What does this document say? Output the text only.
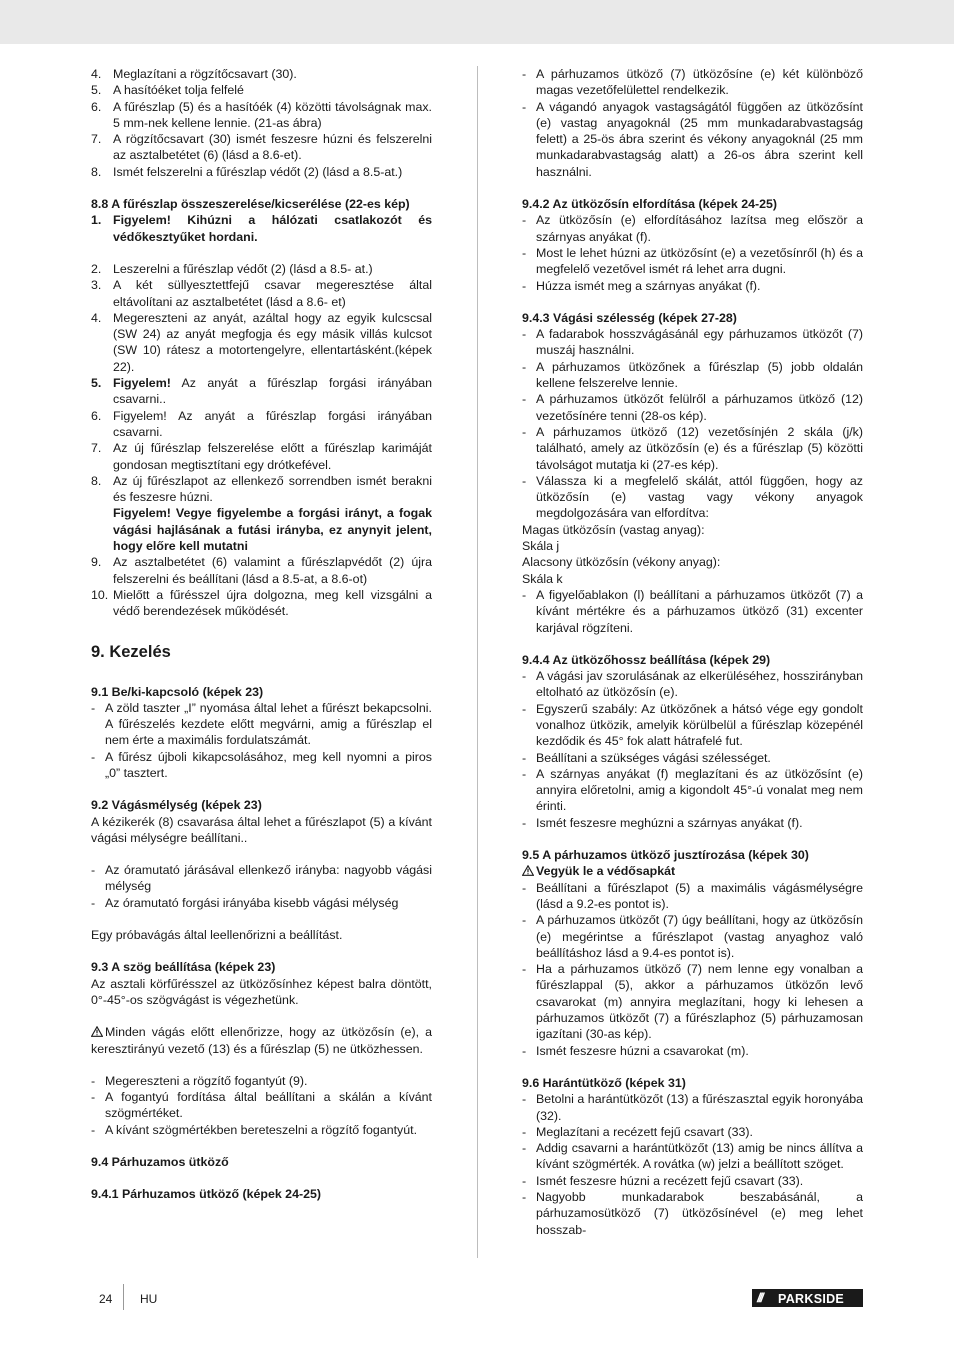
4. Meglazítani a rögzítőcsavart (30).
5. A hasítóéket tolja felfelé
6. A fűrészlap (5) és a hasítóék (4) közötti távolságnak max. 5 mm-nek kellene lennie. (21-as ábra)
7. A rögzítőcsavart (30) ismét feszesre húzni és felszerelni az asztalbetétet (6) (lásd a 8.6-et).
8. Ismét felszerelni a fűrészlap védőt (2) (lásd a 8.5-at.)
8.8 A fűrészlap összeszerelése/kicserélése (22-es kép)
1. Figyelem! Kihúzni a hálózati csatlakozót és védőkesztyűket hordani.
2. Leszerelni a fűrészlap védőt (2) (lásd a 8.5- at.)
3. A két süllyesztettfejű csavar megeresztése által eltávolítani az asztalbetétet (lásd a 8.6- et)
4. Megereszteni az anyát, azáltal hogy az egyik kulcscsal (SW 24) az anyát megfogja és egy másik villás kulcsot (SW 10) rátesz a motortengelyre, ellentartásként.(képek 22).
5. Figyelem! Az anyát a fűrészlap forgási irányában csavarni..
6. Figyelem! Az anyát a fűrészlap forgási irányában csavarni.
7. Az új fűrészlap felszerelése előtt a fűrészlap karimáját gondosan megtisztítani egy drótkefével.
8. Az új fűrészlapot az ellenkező sorrendben ismét berakni és feszesre húzni.
Figyelem! Vegye figyelembe a forgási irányt, a fogak vágási hajlásának a futási irányba, ez anynyit jelent, hogy előre kell mutatni
9. Az asztalbetétet (6) valamint a fűrészlapvédőt (2) újra felszerelni és beállítani (lásd a 8.5-at, a 8.6-ot)
10. Mielőtt a fűrésszel újra dolgozna, meg kell vizsgálni a védő berendezések működését.
9. Kezelés
9.1 Be/ki-kapcsoló (képek 23)
- A zöld taszter „I” nyomása által lehet a fűrészt bekapcsolni. A fűrészelés kezdete előtt megvárni, amig a fűrészlap el nem érte a maximális fordulatszámát.
- A fűrész újboli kikapcsolásához, meg kell nyomni a piros „0” tasztert.
9.2 Vágásmélység (képek 23)
A kézikerék (8) csavarása által lehet a fűrészlapot (5) a kívánt vágási mélységre beállítani..
- Az óramutató járásával ellenkező irányba: nagyobb vágási mélység
- Az óramutató forgási irányába kisebb vágási mélység
Egy próbavágás által leellenőrizni a beállítást.
9.3 A szög beállítása (képek 23)
Az asztali körfűrésszel az ütközősínhez képest balra döntött, 0°-45°-os szögvágást is végezhetünk.
Minden vágás előtt ellenőrizze, hogy az ütközősín (e), a keresztirányú vezető (13) és a fűrészlap (5) ne ütközhessen.
- Megereszteni a rögzítő fogantyút (9).
- A fogantyú fordítása által beállítani a skálán a kívánt szögmértéket.
- A kívánt szögmértékben bereteszelni a rögzítő fogantyút.
9.4 Párhuzamos ütköző
9.4.1 Párhuzamos ütköző (képek 24-25)
- A párhuzamos ütköző (7) ütközősíne (e) két különböző magas vezetőfelülettel rendelkezik.
- A vágandó anyagok vastagságától függően az ütközősínt (e) vastag anyagoknál (25 mm munkadarabvastagság felett) a 25-ös ábra szerint és vékony anyagoknál (25 mm munkadarabvastagság alatt) a 26-os ábra szerint kell használni.
9.4.2 Az ütközősín elfordítása (képek 24-25)
- Az ütközősín (e) elfordításához lazítsa meg először a szárnyas anyákat (f).
- Most le lehet húzni az ütközősínt (e) a vezetősínről (h) és a megfelelő vezetővel ismét rá lehet arra dugni.
- Húzza ismét meg a szárnyas anyákat (f).
9.4.3 Vágási szélesség (képek 27-28)
- A fadarabok hosszvágásánál egy párhuzamos ütközőt (7) muszáj használni.
- A párhuzamos ütközőnek a fűrészlap (5) jobb oldalán kellene felszerelve lennie.
- A párhuzamos ütközőt felülről a párhuzamos ütköző (12) vezetősínére tenni (28-os kép).
- A párhuzamos ütköző (12) vezetősínjén 2 skála (j/k) található, amely az ütközősín (e) és a fűrészlap (5) közötti távolságot mutatja ki (27-es kép).
- Válassza ki a megfelelő skálát, attól függően, hogy az ütközősín (e) vastag vagy vékony anyagok megdolgozására van elfordítva:
Magas ütközősín (vastag anyag):
Skála j
Alacsony ütközősín (vékony anyag):
Skála k
- A figyelőablakon (l) beállítani a párhuzamos ütközőt (7) a kívánt mértékre és a párhuzamos ütköző (31) excenter karjával rögzíteni.
9.4.4 Az ütközőhossz beállítása (képek 29)
- A vágási jav szorulásának az elkerüléséhez, hosszirányban eltolható az ütközősín (e).
- Egyszerű szabály: Az ütközőnek a hátsó vége egy gondolt vonalhoz ütközik, amelyik körülbelül a fűrészlap közepénél kezdődik és 45° fok alatt hátrafelé fut.
- Beállítani a szükséges vágási szélességet.
- A szárnyas anyákat (f) meglazítani és az ütközősínt (e) annyira előretolni, amig a kigondolt 45°-ú vonalat meg nem érinti.
- Ismét feszesre meghúzni a szárnyas anyákat (f).
9.5 A párhuzamos ütköző jusztírozása (képek 30)
Vegyük le a védősapkát
- Beállítani a fűrészlapot (5) a maximális vágásmélységre (lásd a 9.2-es pontot is).
- A párhuzamos ütközőt (7) úgy beállítani, hogy az ütközősín (e) megérintse a fűrészlapot (vastag anyaghoz való beállításhoz lásd a 9.4-es pontot is).
- Ha a párhuzamos ütköző (7) nem lenne egy vonalban a fűrészlappal (5), akkor a párhuzamos ütközőn levő csavarokat (m) annyira meglazítani, hogy ki lehesen a párhuzamos ütközőt (7) a fűrészlaphoz (5) párhuzamosan igazítani (30-as kép).
- Ismét feszesre húzni a csavarokat (m).
9.6 Harántütköző (képek 31)
- Betolni a harántütközőt (13) a fűrészasztal egyik horonyába (32).
- Meglazítani a recézett fejű csavart (33).
- Addig csavarni a harántütközőt (13) amig be nincs állítva a kívánt szögmérték. A rovátka (w) jelzi a beállított szöget.
- Ismét feszesre húzni a recézett fejű csavart (33).
- Nagyobb munkadarabok beszabásánál, a párhuzamosütköző (7) ütközősínével (e) meg lehet hosszab-
24 HU	/// PARKSIDE
